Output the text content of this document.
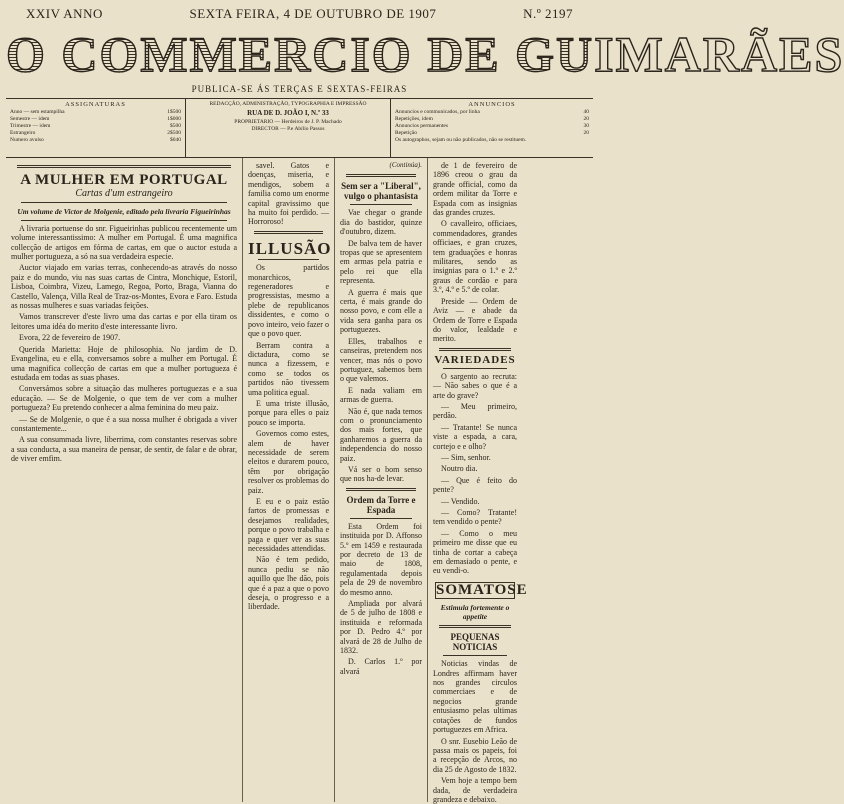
XXIV ANNO	SEXTA FEIRA, 4 DE OUTUBRO DE 1907	N.º 2197
O COMMERCIO DE GUIMARÃES
PUBLICA-SE ÁS TERÇAS E SEXTAS-FEIRAS
ASSIGNATURAS
Anno — sem estampilha	1$500
Semestre — idem	1$000
Trimestre — idem	$500
Estrangeiro	2$500
Numero avulso	$040
REDACÇÃO, ADMINISTRAÇÃO, TYPOGRAPHIA E IMPRESSÃO
RUA DE D. JOÃO I, N.º 33
PROPRIETARIO — Herdeiros de J. P. Machado
DIRECTOR — P.e Abílio Passos
ANNUNCIOS
Annuncios e communicados, por linha	40
Repetições, idem	20
Annuncios permanentes	30
Repetição	20
Os autographos, sejam ou não publicados, não se restituem.
A MULHER EM PORTUGAL
Cartas d'um estrangeiro
Um volume de Victor de Molgenie, editado pela livraria Figueirinhas

A livraria portuense do snr. Figueirinhas publicou recentemente um volume interessantissimo: A mulher em Portugal. É uma magnifica collecção de artigos em fórma de cartas, em que o auctor estuda a mulher portugueza, a só na sua verdadeira especie.

Auctor viajado em varias terras, conhecendo-as através do nosso paiz e do mundo, viu nas suas cartas de Cintra, Monchique, Estoril, Lisboa, Coimbra, Vizeu, Lamego, Regoa, Porto, Braga, Vianna do Castello, Valença, Villa Real de Traz-os-Montes, Evora e Faro. Estuda as nossas mulheres e suas variadas feições.

Vamos transcrever d'este livro uma das cartas e por ella tiram os leitores uma idéa do merito d'este interessante livro.

Evora, 22 de fevereiro de 1907.

Querida Marietta: Hoje de philosophia. No jardim de D. Evangelina, eu e ella, conversamos sobre a mulher em Portugal. É uma magnifica collecção de cartas em que a mulher portugueza é estudada em todas as suas phases.

Conversámos sobre a situação das mulheres portuguezas e a sua educação. — Se de Molgenie, o que tem de ver com a mulher portugueza? Eu pretendo conhecer a alma feminina do meu paiz.

— Se de Molgenie, o que é a sua nossa mulher é obrigada a viver constantemente...

A sua consummada livre, liberrima, com constantes reservas sobre a sua conducta, a sua maneira de pensar, de sentir, de falar e de obrar, de viver emfim.

savel. Gatos e doenças, miseria, e mendigos, sobem a familia como um enorme capital gravissimo que ha muito foi perdido. — Horroroso!

ILLUSÃO

Os partidos monarchicos, regeneradores e progressistas, mesmo a plebe de republicanos dissidentes, e como o povo inteiro, veio fazer o que o povo quer.

Berram contra a dictadura, como se nunca a fizessem, e como se todos os partidos não tivessem uma politica egual.

E uma triste illusão, porque para elles o paiz pouco se importa.

Governos como estes, alem de haver necessidade de serem eleitos e durarem pouco, têm por obrigação resolver os problemas do paiz.

E eu e o paiz estão fartos de promessas e desejamos realidades, porque o povo trabalha e paga e quer ver as suas necessidades attendidas.

Não é tem pedido, nunca pediu se não aquillo que lhe dão, pois que é a paz a que o povo deseja, o progresso e a liberdade.

(Continúa).
Sem ser a "Liberal", vulgo o phantasista

Vae chegar o grande dia do bastidor, quinze d'outubro, dizem.

De balva tem de haver tropas que se apresentem em armas pela patria e pelo rei que ella representa.

A guerra é mais que certa, é mais grande do nosso povo, e com elle a vida sera ganha para os portuguezes.

Elles, trabalhos e canseiras, pretendem nos vencer, mas nós o povo portuguez, sabemos bem o que valemos.

E nada valiam em armas de guerra.

Não é, que nada temos com o pronunciamento dos mais fortes, que ganharemos a guerra da independencia do nosso paiz.

Vá ser o bom senso que nos ha-de levar.

Ordem da Torre e Espada

Esta Ordem foi instituida por D. Affonso 5.º em 1459 e restaurada por decreto de 13 de maio de 1808, regulamentada depois pela de 29 de novembro do mesmo anno.

Ampliada por alvará de 5 de julho de 1808 e instituida e reformada por D. Pedro 4.º por alvará de 28 de Julho de 1832.

D. Carlos 1.º por alvará

de 1 de fevereiro de 1896 creou o grau da grande official, como da ordem militar da Torre e Espada com as insignias das grandes cruzes.

O cavalleiro, officiaes, commendadores, grandes officiaes, e gran cruzes, tem graduações e honras militares, sendo as insignias para o 1.º e 2.º graus de cordão e para 3.º, 4.º e 5.º de colar.

Preside — Ordem de Aviz — e abade da Ordem de Torre e Espada do valor, lealdade e merito.

VARIEDADES

O sargento ao recruta: — Não sabes o que é a arte do grave?

— Meu primeiro, perdão.

— Tratante! Se nunca viste a espada, a cara, cortejo e e olho?

— Sim, senhor.

Noutro dia.

— Que é feito do pente?

— Vendido.

— Como? Tratante! tem vendido o pente?

— Como o meu primeiro me disse que eu tinha de cortar a cabeça em demasiado o pente, e eu vendi-o.

SOMATOSE
Estimula fortemente o appetite
PEQUENAS NOTICIAS

Noticias vindas de Londres affirmam haver nos grandes circulos commerciaes e de negocios grande entusiasmo pelas ultimas cotações de fundos portuguezes em Africa.

O snr. Eusebio Leão de passa mais os papeis, foi a recepção de Arcos, no dia 25 de Agosto de 1832.

Vem hoje a tempo bem dada, de verdadeira grandeza e debaixo.
